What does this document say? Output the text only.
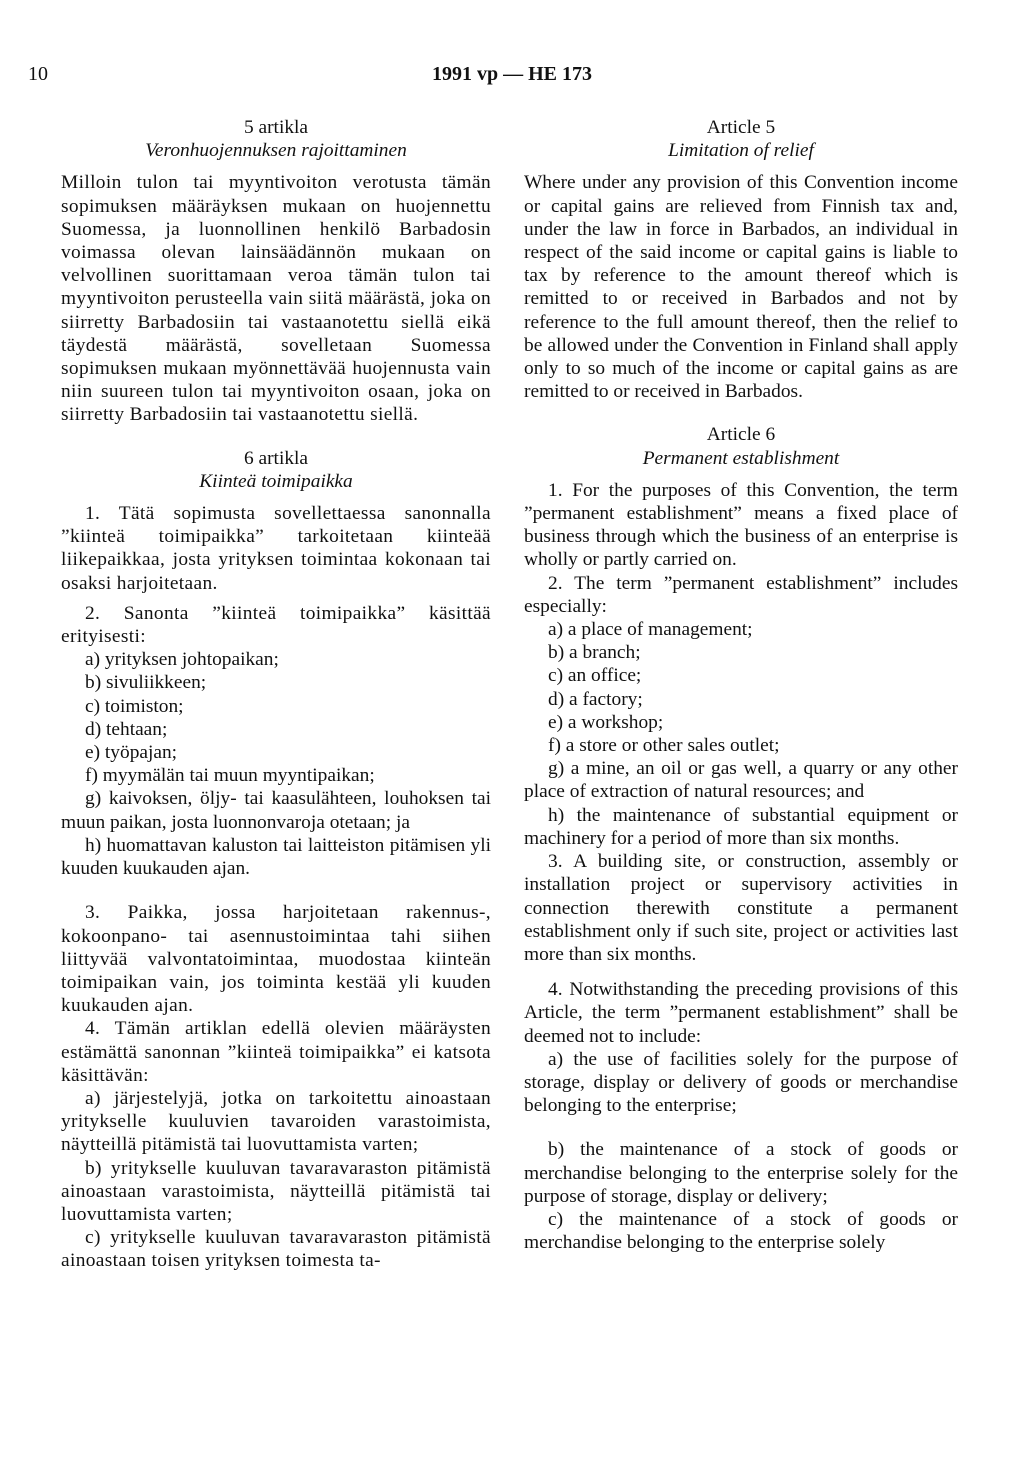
10	1991 vp — HE 173
5 artikla
Veronhuojennuksen rajoittaminen
Milloin tulon tai myyntivoiton verotusta tämän sopimuksen määräyksen mukaan on huojennettu Suomessa, ja luonnollinen henkilö Barbadosin voimassa olevan lainsäädännön mukaan on velvollinen suorittamaan veroa tämän tulon tai myyntivoiton perusteella vain siitä määrästä, joka on siirretty Barbadosiin tai vastaanotettu siellä eikä täydestä määrästä, sovelletaan Suomessa sopimuksen mukaan myönnettävää huojennusta vain niin suureen tulon tai myyntivoiton osaan, joka on siirretty Barbadosiin tai vastaanotettu siellä.
6 artikla
Kiinteä toimipaikka
1. Tätä sopimusta sovellettaessa sanonnalla ”kiinteä toimipaikka” tarkoitetaan kiinteää liikepaikkaa, josta yrityksen toimintaa kokonaan tai osaksi harjoitetaan.
2. Sanonta ”kiinteä toimipaikka” käsittää erityisesti:
a) yrityksen johtopaikan;
b) sivuliikkeen;
c) toimiston;
d) tehtaan;
e) työpajan;
f) myymälän tai muun myyntipaikan;
g) kaivoksen, öljy- tai kaasulähteen, louhoksen tai muun paikan, josta luonnonvaroja otetaan; ja
h) huomattavan kaluston tai laitteiston pitämisen yli kuuden kuukauden ajan.
3. Paikka, jossa harjoitetaan rakennus-, kokoonpano- tai asennustoimintaa tahi siihen liittyvää valvontatoimintaa, muodostaa kiinteän toimipaikan vain, jos toiminta kestää yli kuuden kuukauden ajan.
4. Tämän artiklan edellä olevien määräysten estämättä sanonnan ”kiinteä toimipaikka” ei katsota käsittävän:
a) järjestelyjä, jotka on tarkoitettu ainoastaan yritykselle kuuluvien tavaroiden varastoimista, näytteillä pitämistä tai luovuttamista varten;
b) yritykselle kuuluvan tavaravaraston pitämistä ainoastaan varastoimista, näytteillä pitämistä tai luovuttamista varten;
c) yritykselle kuuluvan tavaravaraston pitämistä ainoastaan toisen yrityksen toimesta ta-
Article 5
Limitation of relief
Where under any provision of this Convention income or capital gains are relieved from Finnish tax and, under the law in force in Barbados, an individual in respect of the said income or capital gains is liable to tax by reference to the amount thereof which is remitted to or received in Barbados and not by reference to the full amount thereof, then the relief to be allowed under the Convention in Finland shall apply only to so much of the income or capital gains as are remitted to or received in Barbados.
Article 6
Permanent establishment
1. For the purposes of this Convention, the term ”permanent establishment” means a fixed place of business through which the business of an enterprise is wholly or partly carried on.
2. The term ”permanent establishment” includes especially:
a) a place of management;
b) a branch;
c) an office;
d) a factory;
e) a workshop;
f) a store or other sales outlet;
g) a mine, an oil or gas well, a quarry or any other place of extraction of natural resources; and
h) the maintenance of substantial equipment or machinery for a period of more than six months.
3. A building site, or construction, assembly or installation project or supervisory activities in connection therewith constitute a permanent establishment only if such site, project or activities last more than six months.
4. Notwithstanding the preceding provisions of this Article, the term ”permanent establishment” shall be deemed not to include:
a) the use of facilities solely for the purpose of storage, display or delivery of goods or merchandise belonging to the enterprise;
b) the maintenance of a stock of goods or merchandise belonging to the enterprise solely for the purpose of storage, display or delivery;
c) the maintenance of a stock of goods or merchandise belonging to the enterprise solely
